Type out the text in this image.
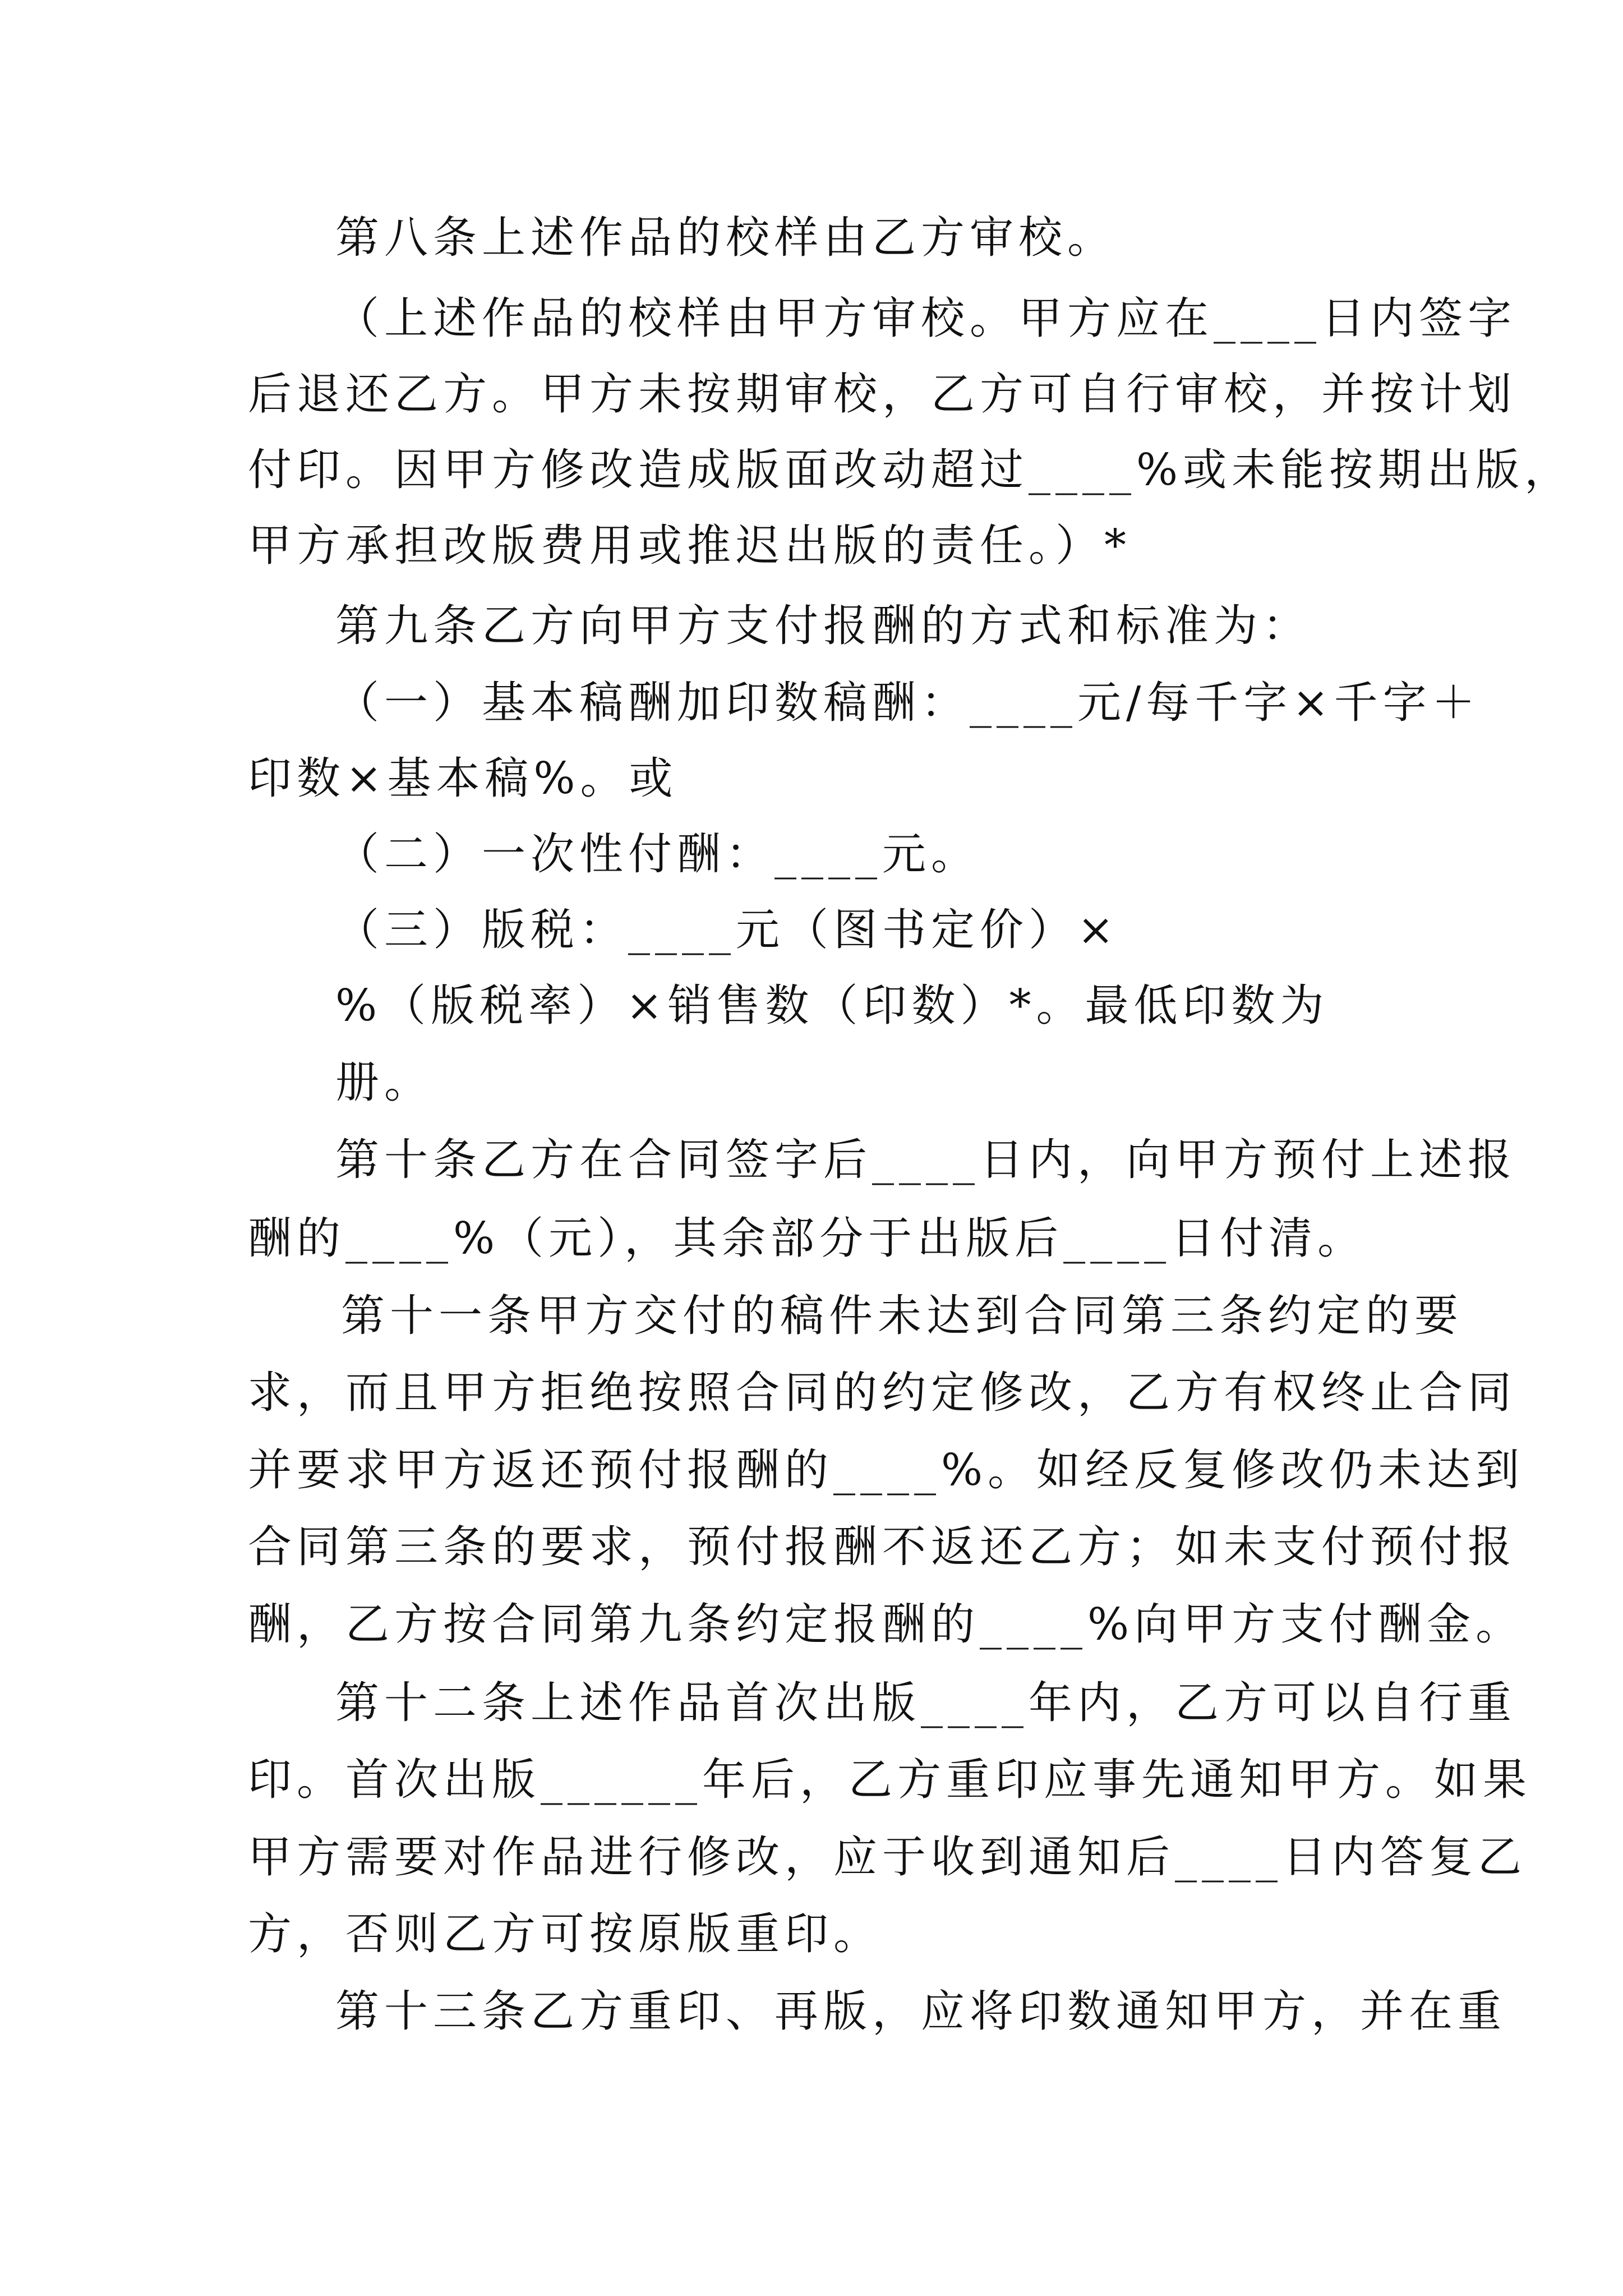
第八条上述作品的校样由乙方审校。
（上述作品的校样由甲方审校。甲方应在____日内签字
后退还乙方。甲方未按期审校，乙方可自行审校，并按计划
付印。因甲方修改造成版面改动超过____%或未能按期出版，
甲方承担改版费用或推迟出版的责任。）*
第九条乙方向甲方支付报酬的方式和标准为：
（一）基本稿酬加印数稿酬：____元/每千字×千字＋
印数×基本稿%。或
（二）一次性付酬：____元。
（三）版税：____元（图书定价）×
%（版税率）×销售数（印数）*。最低印数为
册。
第十条乙方在合同签字后____日内，向甲方预付上述报
酬的____%（元），其余部分于出版后____日付清。
第十一条甲方交付的稿件未达到合同第三条约定的要
求，而且甲方拒绝按照合同的约定修改，乙方有权终止合同
并要求甲方返还预付报酬的____%。如经反复修改仍未达到
合同第三条的要求，预付报酬不返还乙方；如未支付预付报
酬，乙方按合同第九条约定报酬的____%向甲方支付酬金。
第十二条上述作品首次出版____年内，乙方可以自行重
印。首次出版______年后，乙方重印应事先通知甲方。如果
甲方需要对作品进行修改，应于收到通知后____日内答复乙
方，否则乙方可按原版重印。
第十三条乙方重印、再版，应将印数通知甲方，并在重
